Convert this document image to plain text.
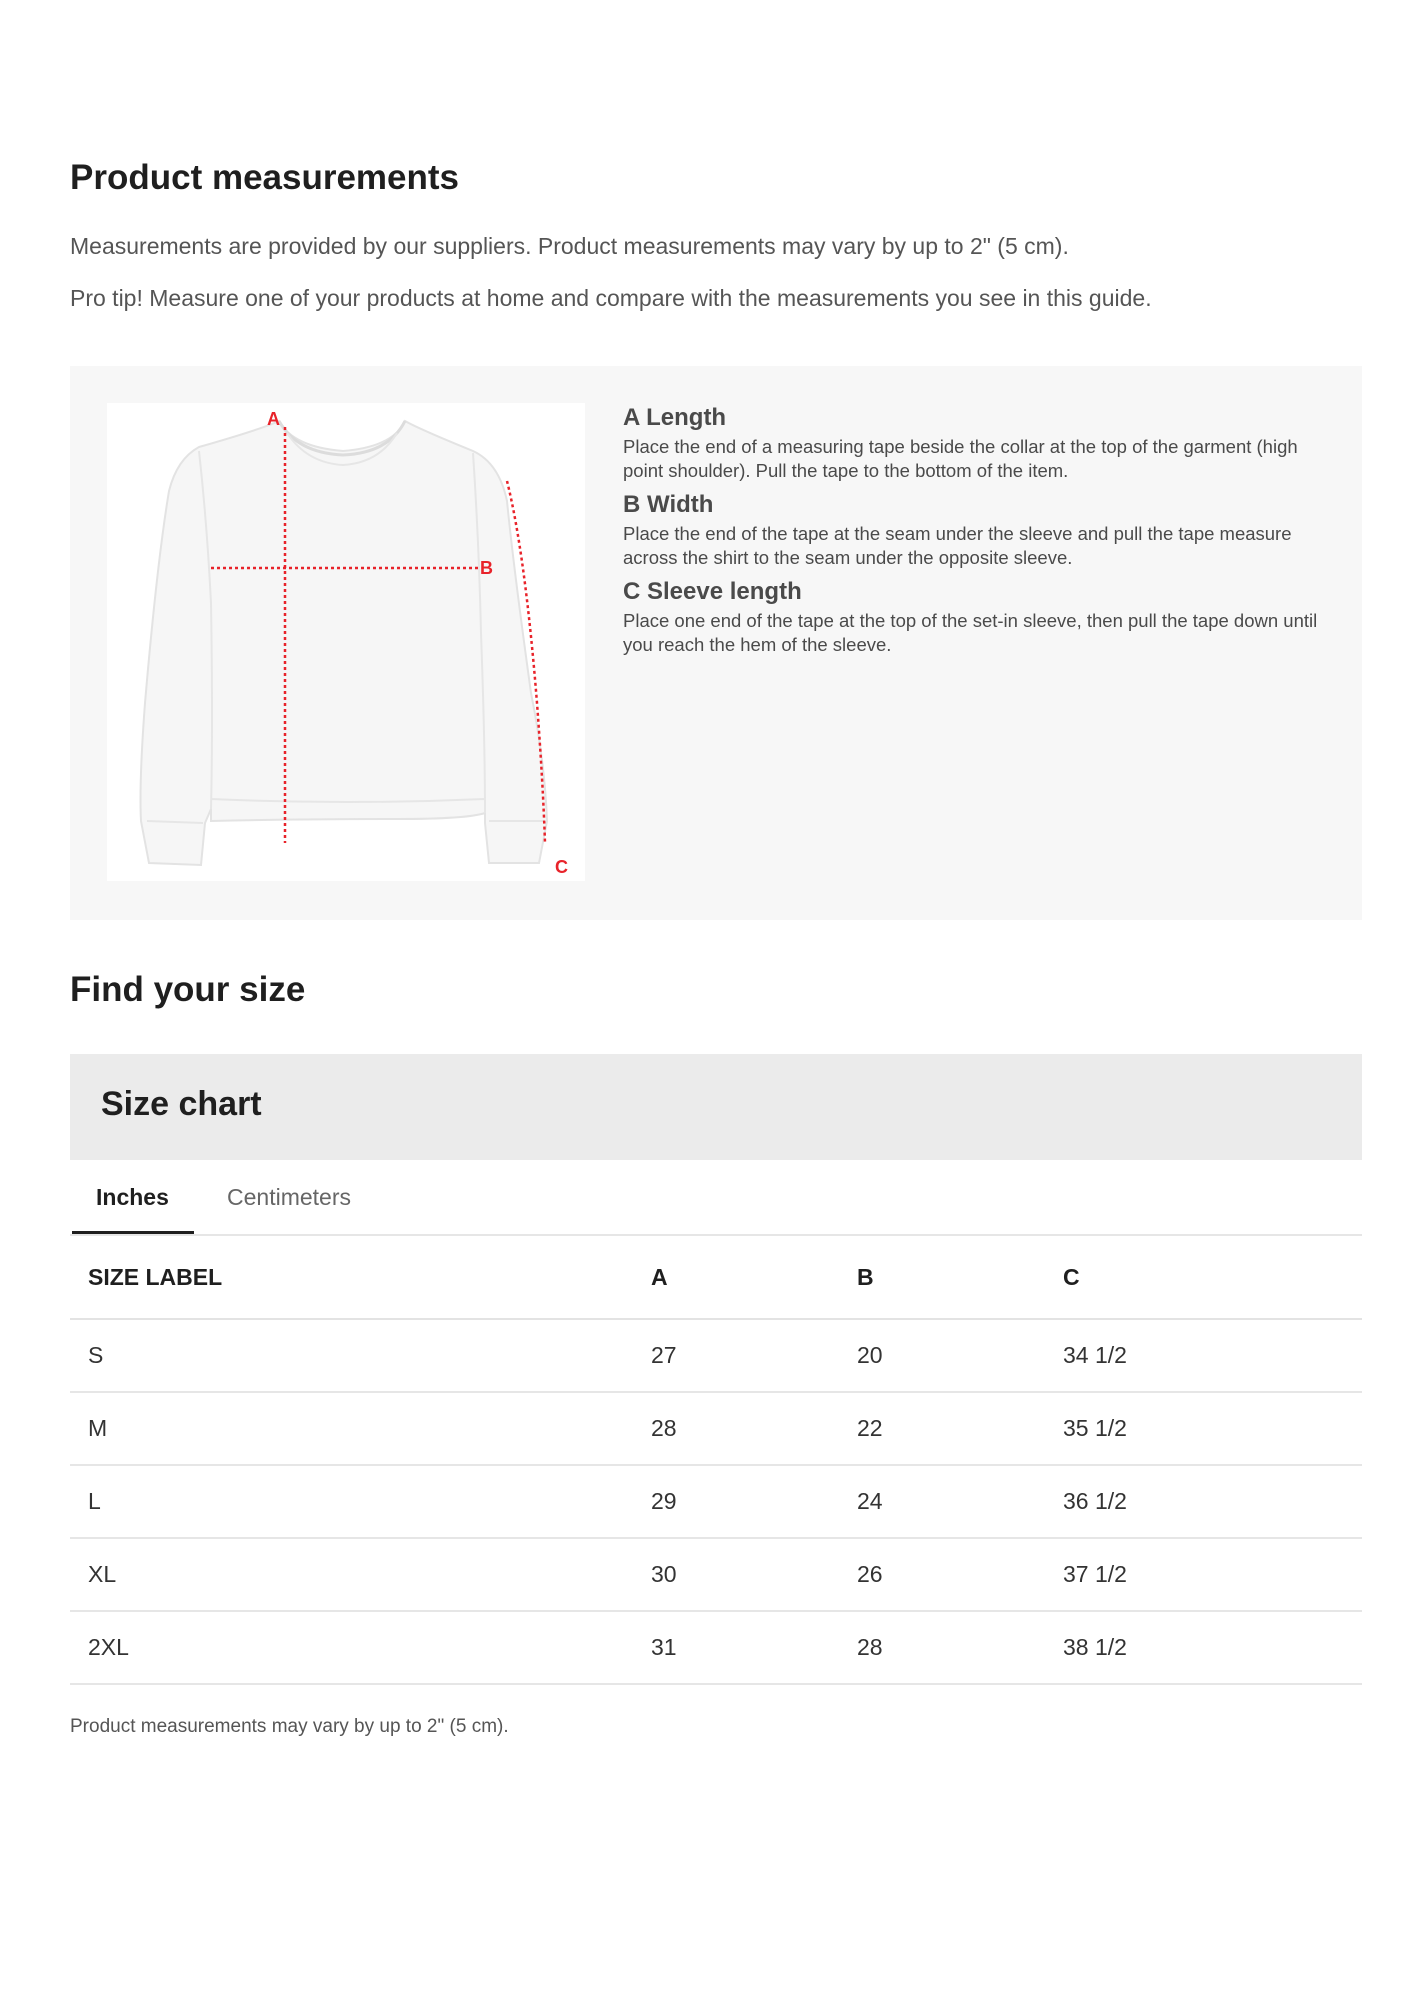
Product measurements

Measurements are provided by our suppliers. Product measurements may vary by up to 2" (5 cm).

Pro tip! Measure one of your products at home and compare with the measurements you see in this guide.

A
B
C
A Length
Place the end of a measuring tape beside the collar at the top of the garment (high point shoulder). Pull the tape to the bottom of the item.
B Width
Place the end of the tape at the seam under the sleeve and pull the tape measure across the shirt to the seam under the opposite sleeve.
C Sleeve length
Place one end of the tape at the top of the set-in sleeve, then pull the tape down until you reach the hem of the sleeve.
Find your size
Size chart
Inches	Centimeters
SIZE LABEL	A	B	C
S	27	20	34 1/2
M	28	22	35 1/2
L	29	24	36 1/2
XL	30	26	37 1/2
2XL	31	28	38 1/2

Product measurements may vary by up to 2" (5 cm).
